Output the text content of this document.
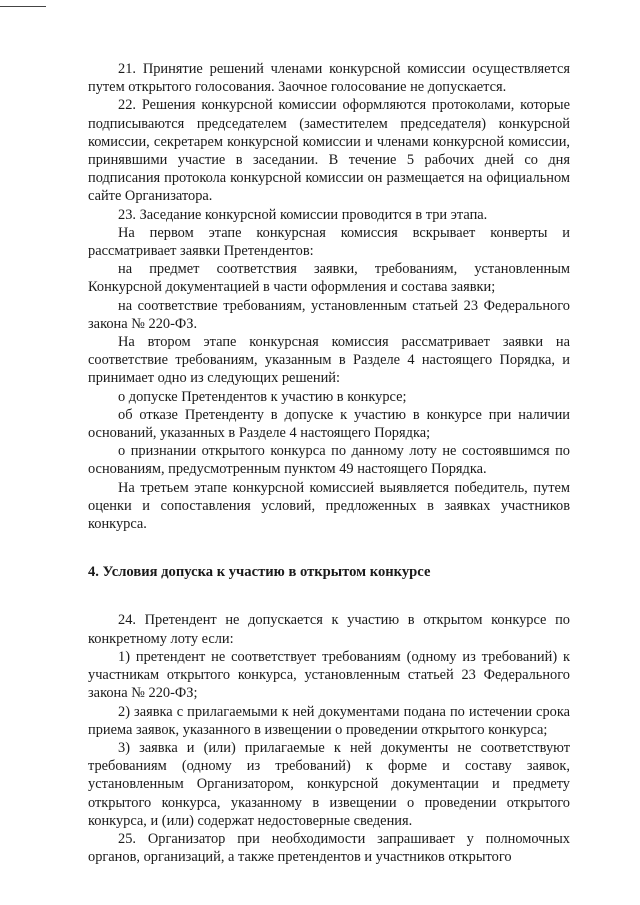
21. Принятие решений членами конкурсной комиссии осуществляется путем открытого голосования. Заочное голосование не допускается.

22. Решения конкурсной комиссии оформляются протоколами, которые подписываются председателем (заместителем председателя) конкурсной комиссии, секретарем конкурсной комиссии и членами конкурсной комиссии, принявшими участие в заседании. В течение 5 рабочих дней со дня подписания протокола конкурсной комиссии он размещается на официальном сайте Организатора.

23. Заседание конкурсной комиссии проводится в три этапа.

На первом этапе конкурсная комиссия вскрывает конверты и рассматривает заявки Претендентов:

на предмет соответствия заявки, требованиям, установленным Конкурсной документацией в части оформления и состава заявки;

на соответствие требованиям, установленным статьей 23 Федерального закона № 220-ФЗ.

На втором этапе конкурсная комиссия рассматривает заявки на соответствие требованиям, указанным в Разделе 4 настоящего Порядка, и принимает одно из следующих решений:

о допуске Претендентов к участию в конкурсе;

об отказе Претенденту в допуске к участию в конкурсе при наличии оснований, указанных в Разделе 4 настоящего Порядка;

о признании открытого конкурса по данному лоту не состоявшимся по основаниям, предусмотренным пунктом 49 настоящего Порядка.

На третьем этапе конкурсной комиссией выявляется победитель, путем оценки и сопоставления условий, предложенных в заявках участников конкурса.

4. Условия допуска к участию в открытом конкурсе

24. Претендент не допускается к участию в открытом конкурсе по конкретному лоту если:

1) претендент не соответствует требованиям (одному из требований) к участникам открытого конкурса, установленным статьей 23 Федерального закона № 220-ФЗ;

2) заявка с прилагаемыми к ней документами подана по истечении срока приема заявок, указанного в извещении о проведении открытого конкурса;

3) заявка и (или) прилагаемые к ней документы не соответствуют требованиям (одному из требований) к форме и составу заявок, установленным Организатором, конкурсной документации и предмету открытого конкурса, указанному в извещении о проведении открытого конкурса, и (или) содержат недостоверные сведения.

25. Организатор при необходимости запрашивает у полномочных органов, организаций, а также претендентов и участников открытого
